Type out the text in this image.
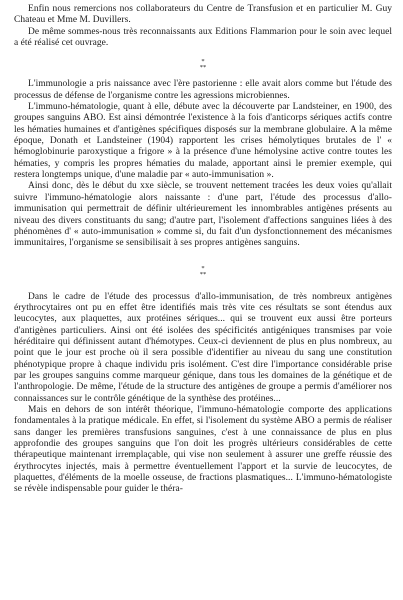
Enfin nous remercions nos collaborateurs du Centre de Transfusion et en particulier M. Guy Chateau et Mme M. Duvillers.

De même sommes-nous très reconnaissants aux Editions Flammarion pour le soin avec lequel a été réalisé cet ouvrage.

*
**

L'immunologie a pris naissance avec l'ère pastorienne : elle avait alors comme but l'étude des processus de défense de l'organisme contre les agressions microbiennes.

L'immuno-hématologie, quant à elle, débute avec la découverte par Landsteiner, en 1900, des groupes sanguins ABO. Est ainsi démontrée l'existence à la fois d'anticorps sériques actifs contre les hématies humaines et d'antigènes spécifiques disposés sur la membrane globulaire. A la même époque, Donath et Landsteiner (1904) rapportent les crises hémolytiques brutales de l' « hémoglobinurie paroxystique a frigore » à la présence d'une hémolysine active contre toutes les hématies, y compris les propres hématies du malade, apportant ainsi le premier exemple, qui restera longtemps unique, d'une maladie par « auto-immunisation ».

Ainsi donc, dès le début du xxe siècle, se trouvent nettement tracées les deux voies qu'allait suivre l'immuno-hématologie alors naissante : d'une part, l'étude des processus d'allo-immunisation qui permettrait de définir ultérieurement les innombrables antigènes présents au niveau des divers constituants du sang; d'autre part, l'isolement d'affections sanguines liées à des phénomènes d' « auto-immunisation » comme si, du fait d'un dysfonctionnement des mécanismes immunitaires, l'organisme se sensibilisait à ses propres antigènes sanguins.

*
**

Dans le cadre de l'étude des processus d'allo-immunisation, de très nombreux antigènes érythrocytaires ont pu en effet être identifiés mais très vite ces résultats se sont étendus aux leucocytes, aux plaquettes, aux protéines sériques... qui se trouvent eux aussi être porteurs d'antigènes particuliers. Ainsi ont été isolées des spécificités antigéniques transmises par voie héréditaire qui définissent autant d'hémotypes. Ceux-ci deviennent de plus en plus nombreux, au point que le jour est proche où il sera possible d'identifier au niveau du sang une constitution phénotypique propre à chaque individu pris isolément. C'est dire l'importance considérable prise par les groupes sanguins comme marqueur génique, dans tous les domaines de la génétique et de l'anthropologie. De même, l'étude de la structure des antigènes de groupe a permis d'améliorer nos connaissances sur le contrôle génétique de la synthèse des protéines...

Mais en dehors de son intérêt théorique, l'immuno-hématologie comporte des applications fondamentales à la pratique médicale. En effet, si l'isolement du système ABO a permis de réaliser sans danger les premières transfusions sanguines, c'est à une connaissance de plus en plus approfondie des groupes sanguins que l'on doit les progrès ultérieurs considérables de cette thérapeutique maintenant irremplaçable, qui vise non seulement à assurer une greffe réussie des érythrocytes injectés, mais à permettre éventuellement l'apport et la survie de leucocytes, de plaquettes, d'éléments de la moelle osseuse, de fractions plasmatiques... L'immuno-hématologiste se révèle indispensable pour guider le théra-
